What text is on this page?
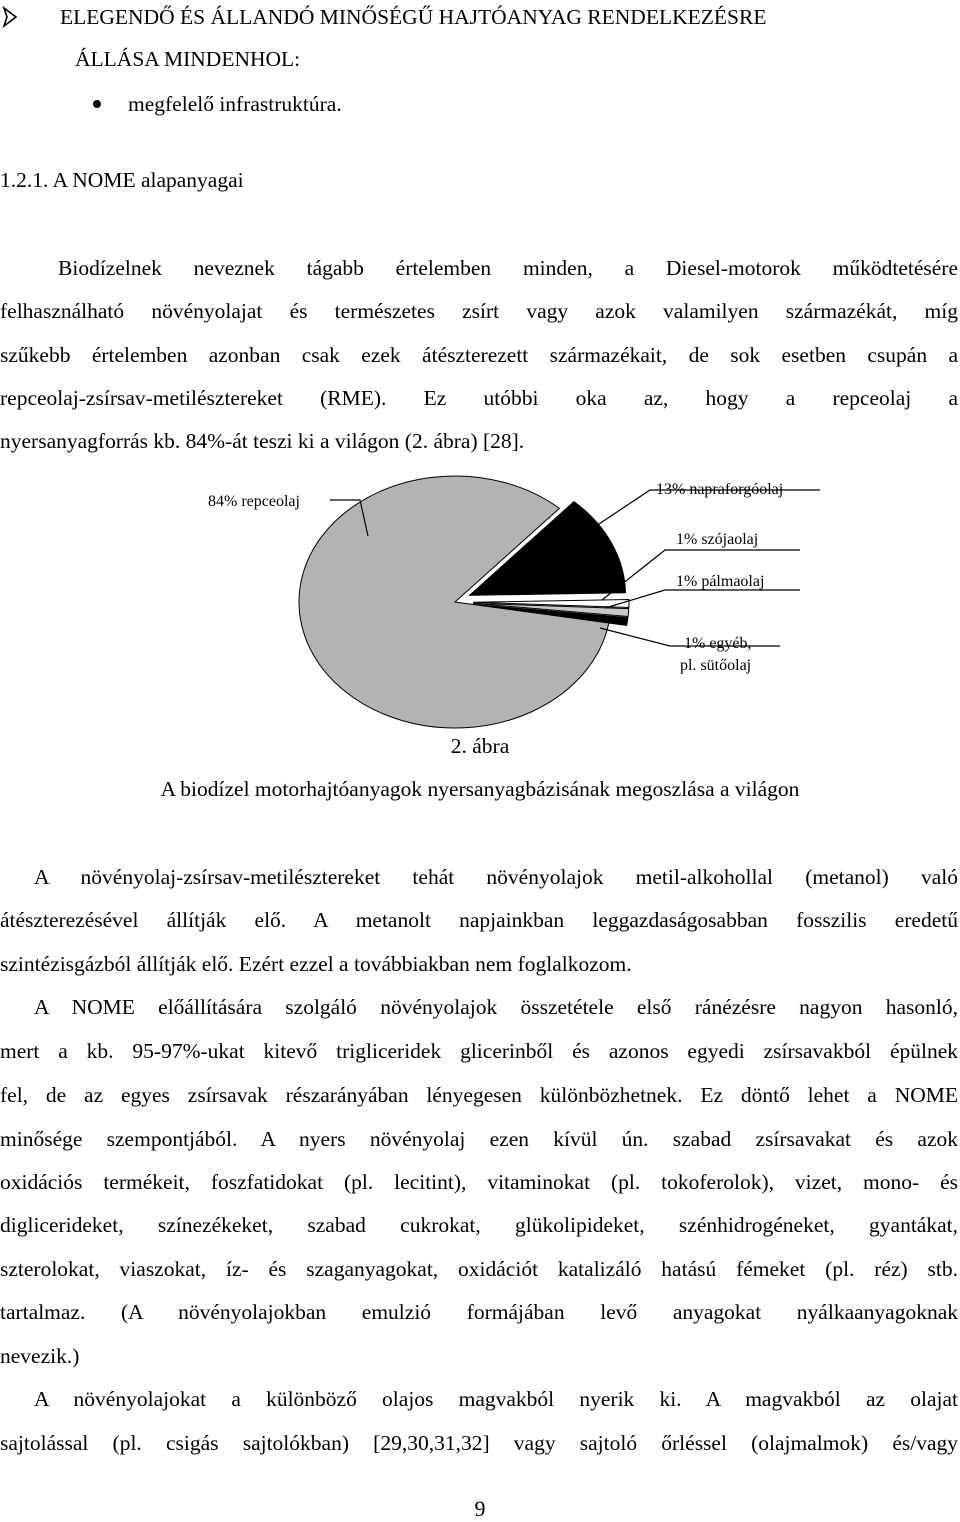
ELEGENDŐ ÉS ÁLLANDÓ MINŐSÉGŰ HAJTÓANYAG RENDELKEZÉSRE
ÁLLÁSA MINDENHOL:
megfelelő infrastruktúra.
1.2.1. A NOME alapanyagai
Biodízelnek neveznek tágabb értelemben minden, a Diesel-motorok működtetésére
felhasználható növényolajat és természetes zsírt vagy azok valamilyen származékát, míg
szűkebb értelemben azonban csak ezek átészterezett származékait, de sok esetben csupán a
repceolaj-zsírsav-metilésztereket (RME). Ez utóbbi oka az, hogy a repceolaj a
nyersanyagforrás kb. 84%-át teszi ki a világon (2. ábra) [28].
84% repceolaj
13% napraforgóolaj
1% szójaolaj
1% pálmaolaj
1% egyéb,
pl. sütőolaj
2. ábra
A biodízel motorhajtóanyagok nyersanyagbázisának megoszlása a világon
A növényolaj-zsírsav-metilésztereket tehát növényolajok metil-alkohollal (metanol) való
átészterezésével állítják elő. A metanolt napjainkban leggazdaságosabban fosszilis eredetű
szintézisgázból állítják elő. Ezért ezzel a továbbiakban nem foglalkozom.
A NOME előállítására szolgáló növényolajok összetétele első ránézésre nagyon hasonló,
mert a kb. 95-97%-ukat kitevő trigliceridek glicerinből és azonos egyedi zsírsavakból épülnek
fel, de az egyes zsírsavak részarányában lényegesen különbözhetnek. Ez döntő lehet a NOME
minősége szempontjából. A nyers növényolaj ezen kívül ún. szabad zsírsavakat és azok
oxidációs termékeit, foszfatidokat (pl. lecitint), vitaminokat (pl. tokoferolok), vizet, mono- és
diglicerideket, színezékeket, szabad cukrokat, glükolipideket, szénhidrogéneket, gyantákat,
szterolokat, viaszokat, íz- és szaganyagokat, oxidációt katalizáló hatású fémeket (pl. réz) stb.
tartalmaz. (A növényolajokban emulzió formájában levő anyagokat nyálkaanyagoknak
nevezik.)
A növényolajokat a különböző olajos magvakból nyerik ki. A magvakból az olajat
sajtolással (pl. csigás sajtolókban) [29,30,31,32] vagy sajtoló őrléssel (olajmalmok) és/vagy
9
